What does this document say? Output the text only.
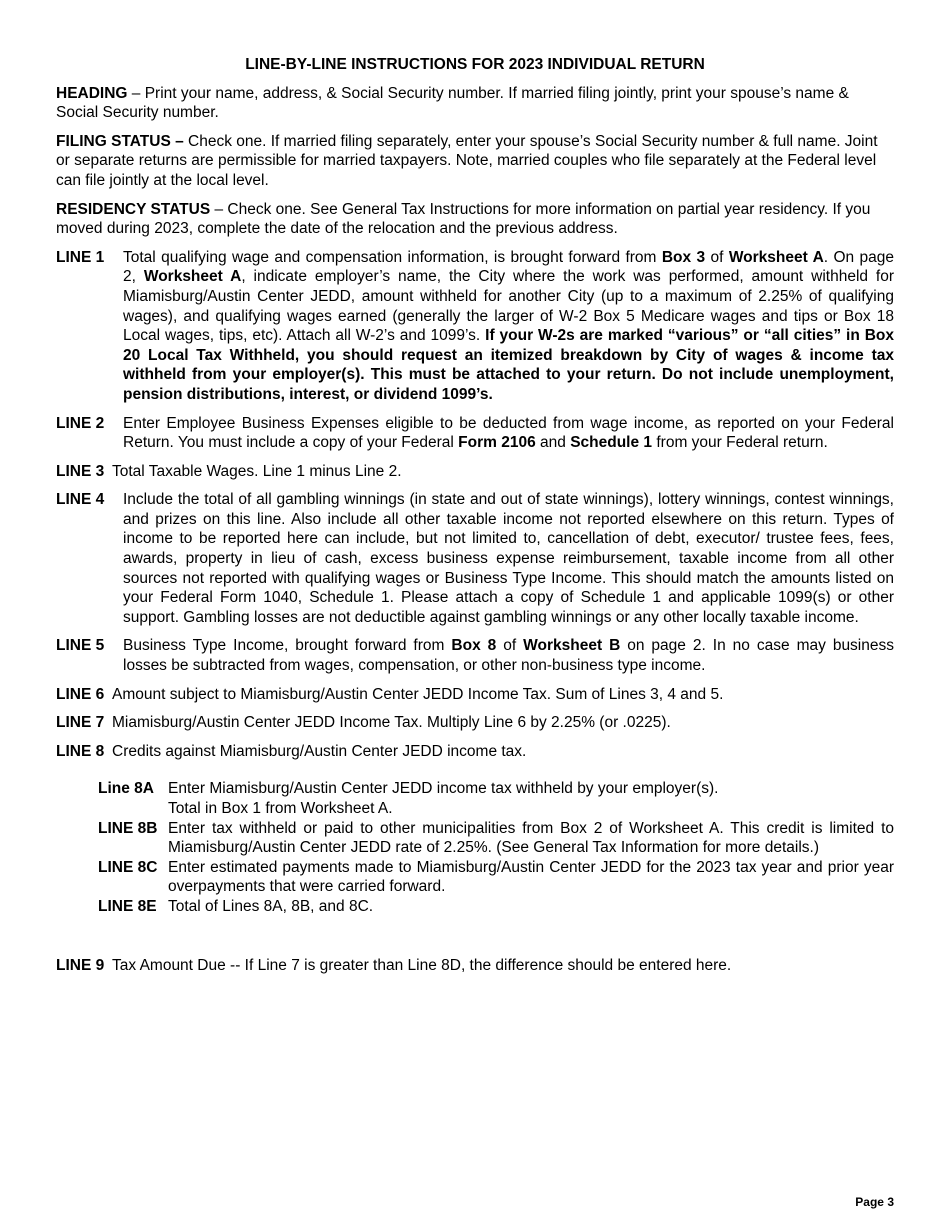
LINE-BY-LINE INSTRUCTIONS FOR 2023 INDIVIDUAL RETURN

HEADING – Print your name, address, & Social Security number. If married filing jointly, print your spouse’s name & Social Security number.

FILING STATUS – Check one. If married filing separately, enter your spouse’s Social Security number & full name. Joint or separate returns are permissible for married taxpayers. Note, married couples who file separately at the Federal level can file jointly at the local level.

RESIDENCY STATUS – Check one. See General Tax Instructions for more information on partial year residency. If you moved during 2023, complete the date of the relocation and the previous address.

LINE 1	Total qualifying wage and compensation information, is brought forward from Box 3 of Worksheet A. On page 2, Worksheet A, indicate employer’s name, the City where the work was performed, amount withheld for Miamisburg/Austin Center JEDD, amount withheld for another City (up to a maximum of 2.25% of qualifying wages), and qualifying wages earned (generally the larger of W-2 Box 5 Medicare wages and tips or Box 18 Local wages, tips, etc). Attach all W-2’s and 1099’s. If your W-2s are marked “various” or “all cities” in Box 20 Local Tax Withheld, you should request an itemized breakdown by City of wages & income tax withheld from your employer(s). This must be attached to your return. Do not include unemployment, pension distributions, interest, or dividend 1099’s.
LINE 2	Enter Employee Business Expenses eligible to be deducted from wage income, as reported on your Federal Return. You must include a copy of your Federal Form 2106 and Schedule 1 from your Federal return.
LINE 3 Total Taxable Wages. Line 1 minus Line 2.
LINE 4	Include the total of all gambling winnings (in state and out of state winnings), lottery winnings, contest winnings, and prizes on this line. Also include all other taxable income not reported elsewhere on this return. Types of income to be reported here can include, but not limited to, cancellation of debt, executor/ trustee fees, fees, awards, property in lieu of cash, excess business expense reimbursement, taxable income from all other sources not reported with qualifying wages or Business Type Income. This should match the amounts listed on your Federal Form 1040, Schedule 1. Please attach a copy of Schedule 1 and applicable 1099(s) or other support. Gambling losses are not deductible against gambling winnings or any other locally taxable income.
LINE 5	Business Type Income, brought forward from Box 8 of Worksheet B on page 2. In no case may business losses be subtracted from wages, compensation, or other non-business type income.
LINE 6 Amount subject to Miamisburg/Austin Center JEDD Income Tax. Sum of Lines 3, 4 and 5.
LINE 7 Miamisburg/Austin Center JEDD Income Tax. Multiply Line 6 by 2.25% (or .0225).
LINE 8 Credits against Miamisburg/Austin Center JEDD income tax.
Line 8A Enter Miamisburg/Austin Center JEDD income tax withheld by your employer(s).
Total in Box 1 from Worksheet A.
LINE 8B Enter tax withheld or paid to other municipalities from Box 2 of Worksheet A. This credit is limited to Miamisburg/Austin Center JEDD rate of 2.25%. (See General Tax Information for more details.)
LINE 8C Enter estimated payments made to Miamisburg/Austin Center JEDD for the 2023 tax year and prior year overpayments that were carried forward.
LINE 8E Total of Lines 8A, 8B, and 8C.
LINE 9 Tax Amount Due -- If Line 7 is greater than Line 8D, the difference should be entered here.
Page 3
